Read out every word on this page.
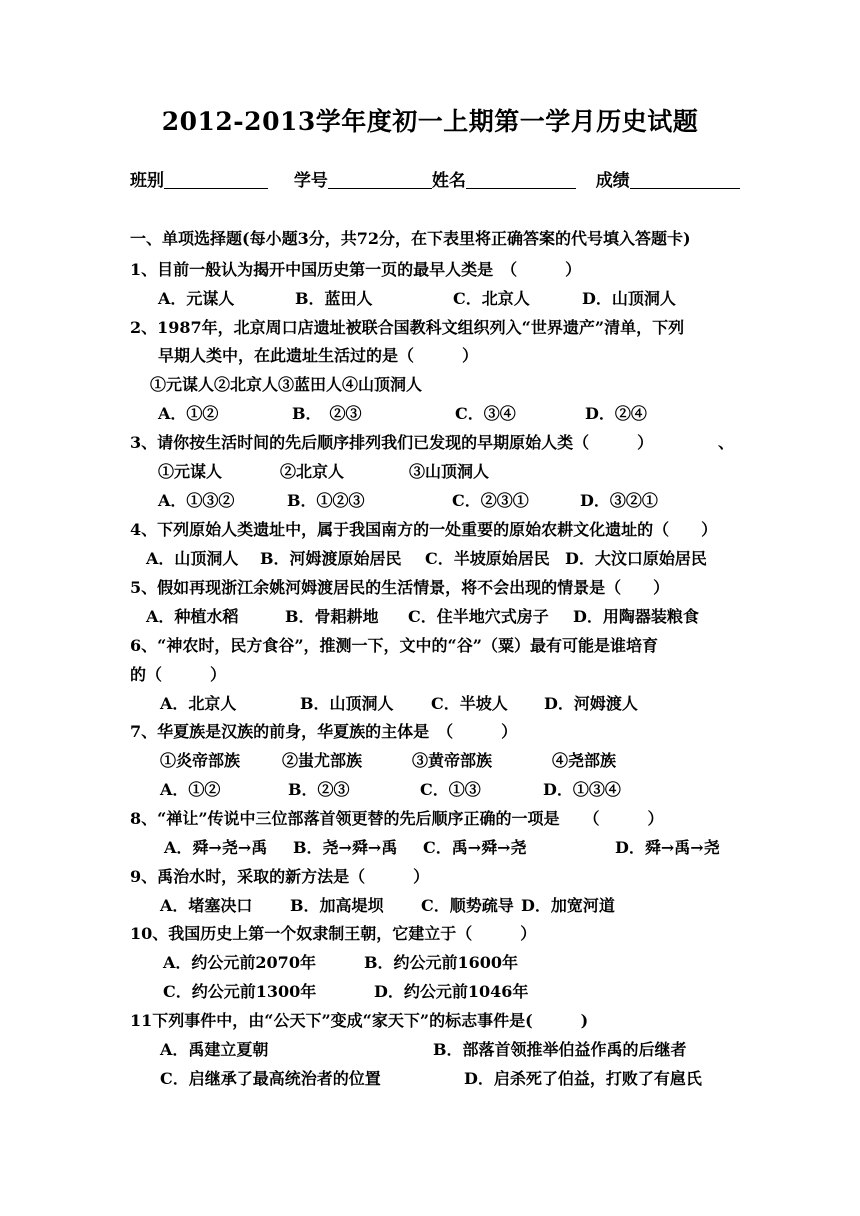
2012-2013学年度初一上期第一学月历史试题
班别	学号	姓名	成绩
一、单项选择题(每小题3分，共72分，在下表里将正确答案的代号填入答题卡)
1、目前一般认为揭开中国历史第一页的最早人类是　（　　　）
A．元谋人	B．蓝田人	C．北京人	D．山顶洞人
2、1987年，北京周口店遗址被联合国教科文组织列入“世界遗产”清单，下列
早期人类中，在此遗址生活过的是（　　　）
①元谋人②北京人③蓝田人④山顶洞人
A．①②	B．　②③	C．③④	D．②④
3、请你按生活时间的先后顺序排列我们已发现的早期原始人类（　　　）	、
①元谋人	②北京人	③山顶洞人
A．①③②	B．①②③	C．②③①	D．③②①
4、下列原始人类遗址中，属于我国南方的一处重要的原始农耕文化遗址的（　　）
A．山顶洞人 B．河姆渡原始居民 C．半坡原始居民 D．大汶口原始居民
5、假如再现浙江余姚河姆渡居民的生活情景，将不会出现的情景是（　　）
A．种植水稻	B．骨耜耕地 C．住半地穴式房子 D．用陶器装粮食
6、“神农时，民方食谷”，推测一下，文中的“谷”（粟）最有可能是谁培育
的（　　　）
A．北京人	B．山顶洞人 C．半坡人 D．河姆渡人
7、华夏族是汉族的前身，华夏族的主体是　（　　　）
①炎帝部族	②蚩尤部族	③黄帝部族	④尧部族
A．①②	B．②③	C．①③	D．①③④
8、“禅让”传说中三位部落首领更替的先后顺序正确的一项是　　（　　　）
A．舜→尧→禹 B．尧→舜→禹 C．禹→舜→尧	D．舜→禹→尧
9、禹治水时，采取的新方法是（　　　）
A．堵塞决口 B．加高堤坝 C．顺势疏导 D．加宽河道
10、我国历史上第一个奴隶制王朝，它建立于（　　　）
A．约公元前2070年	B．约公元前1600年
C．约公元前1300年	D．约公元前1046年
11下列事件中，由“公天下”变成“家天下”的标志事件是(　　　)
A．禹建立夏朝	B．部落首领推举伯益作禹的后继者
C．启继承了最高统治者的位置	D．启杀死了伯益，打败了有扈氏
